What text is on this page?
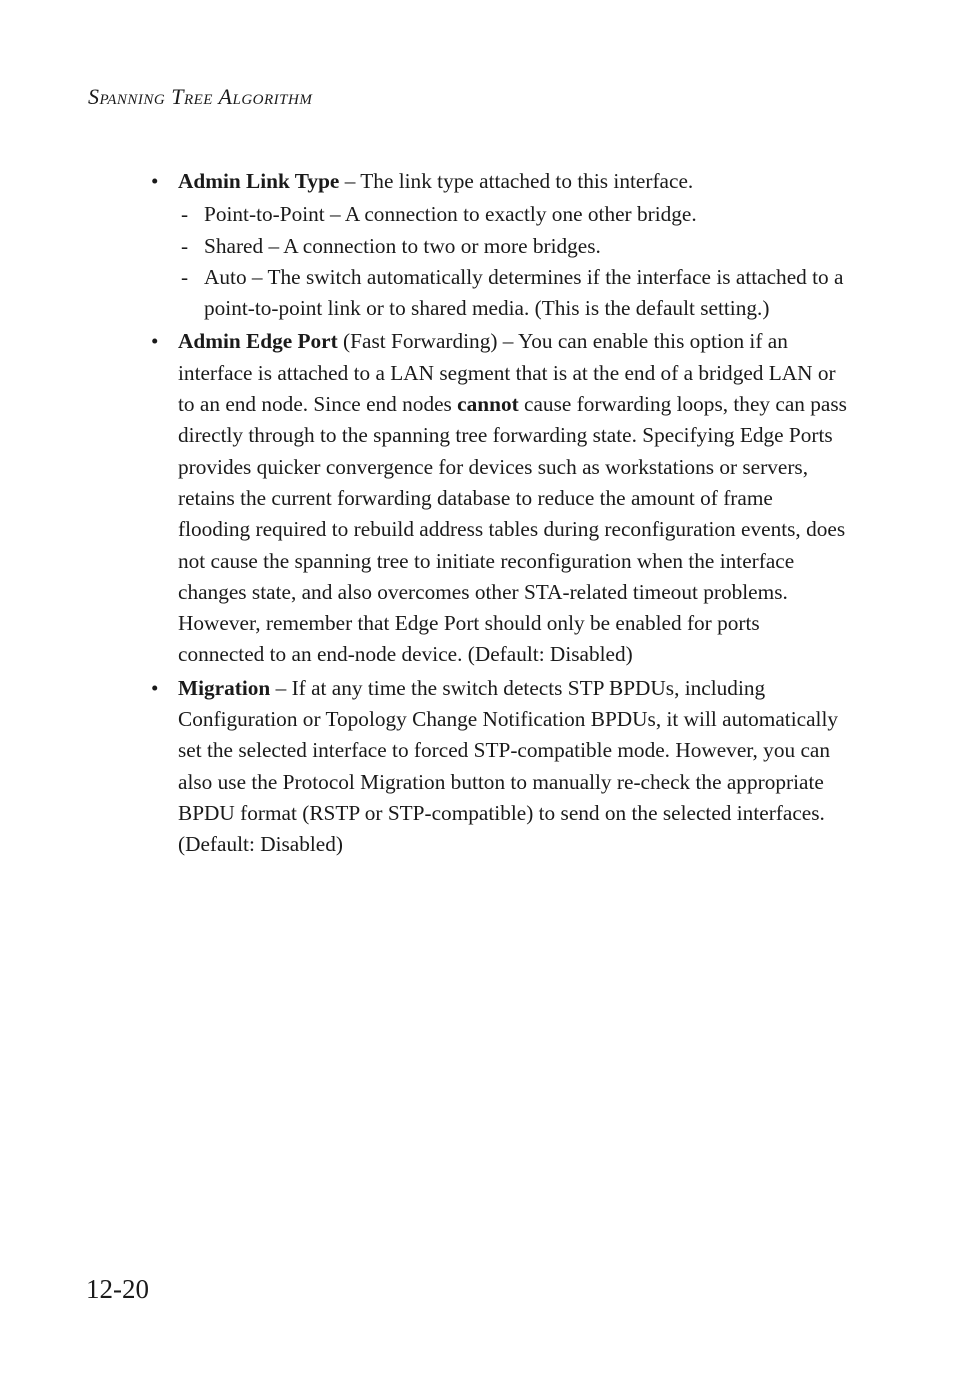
Spanning Tree Algorithm
• Admin Link Type – The link type attached to this interface.
- Point-to-Point – A connection to exactly one other bridge.
- Shared – A connection to two or more bridges.
- Auto – The switch automatically determines if the interface is attached to a point-to-point link or to shared media. (This is the default setting.)
• Admin Edge Port (Fast Forwarding) – You can enable this option if an interface is attached to a LAN segment that is at the end of a bridged LAN or to an end node. Since end nodes cannot cause forwarding loops, they can pass directly through to the spanning tree forwarding state. Specifying Edge Ports provides quicker convergence for devices such as workstations or servers, retains the current forwarding database to reduce the amount of frame flooding required to rebuild address tables during reconfiguration events, does not cause the spanning tree to initiate reconfiguration when the interface changes state, and also overcomes other STA-related timeout problems. However, remember that Edge Port should only be enabled for ports connected to an end-node device. (Default: Disabled)
• Migration – If at any time the switch detects STP BPDUs, including Configuration or Topology Change Notification BPDUs, it will automatically set the selected interface to forced STP-compatible mode. However, you can also use the Protocol Migration button to manually re-check the appropriate BPDU format (RSTP or STP-compatible) to send on the selected interfaces. (Default: Disabled)
12-20
